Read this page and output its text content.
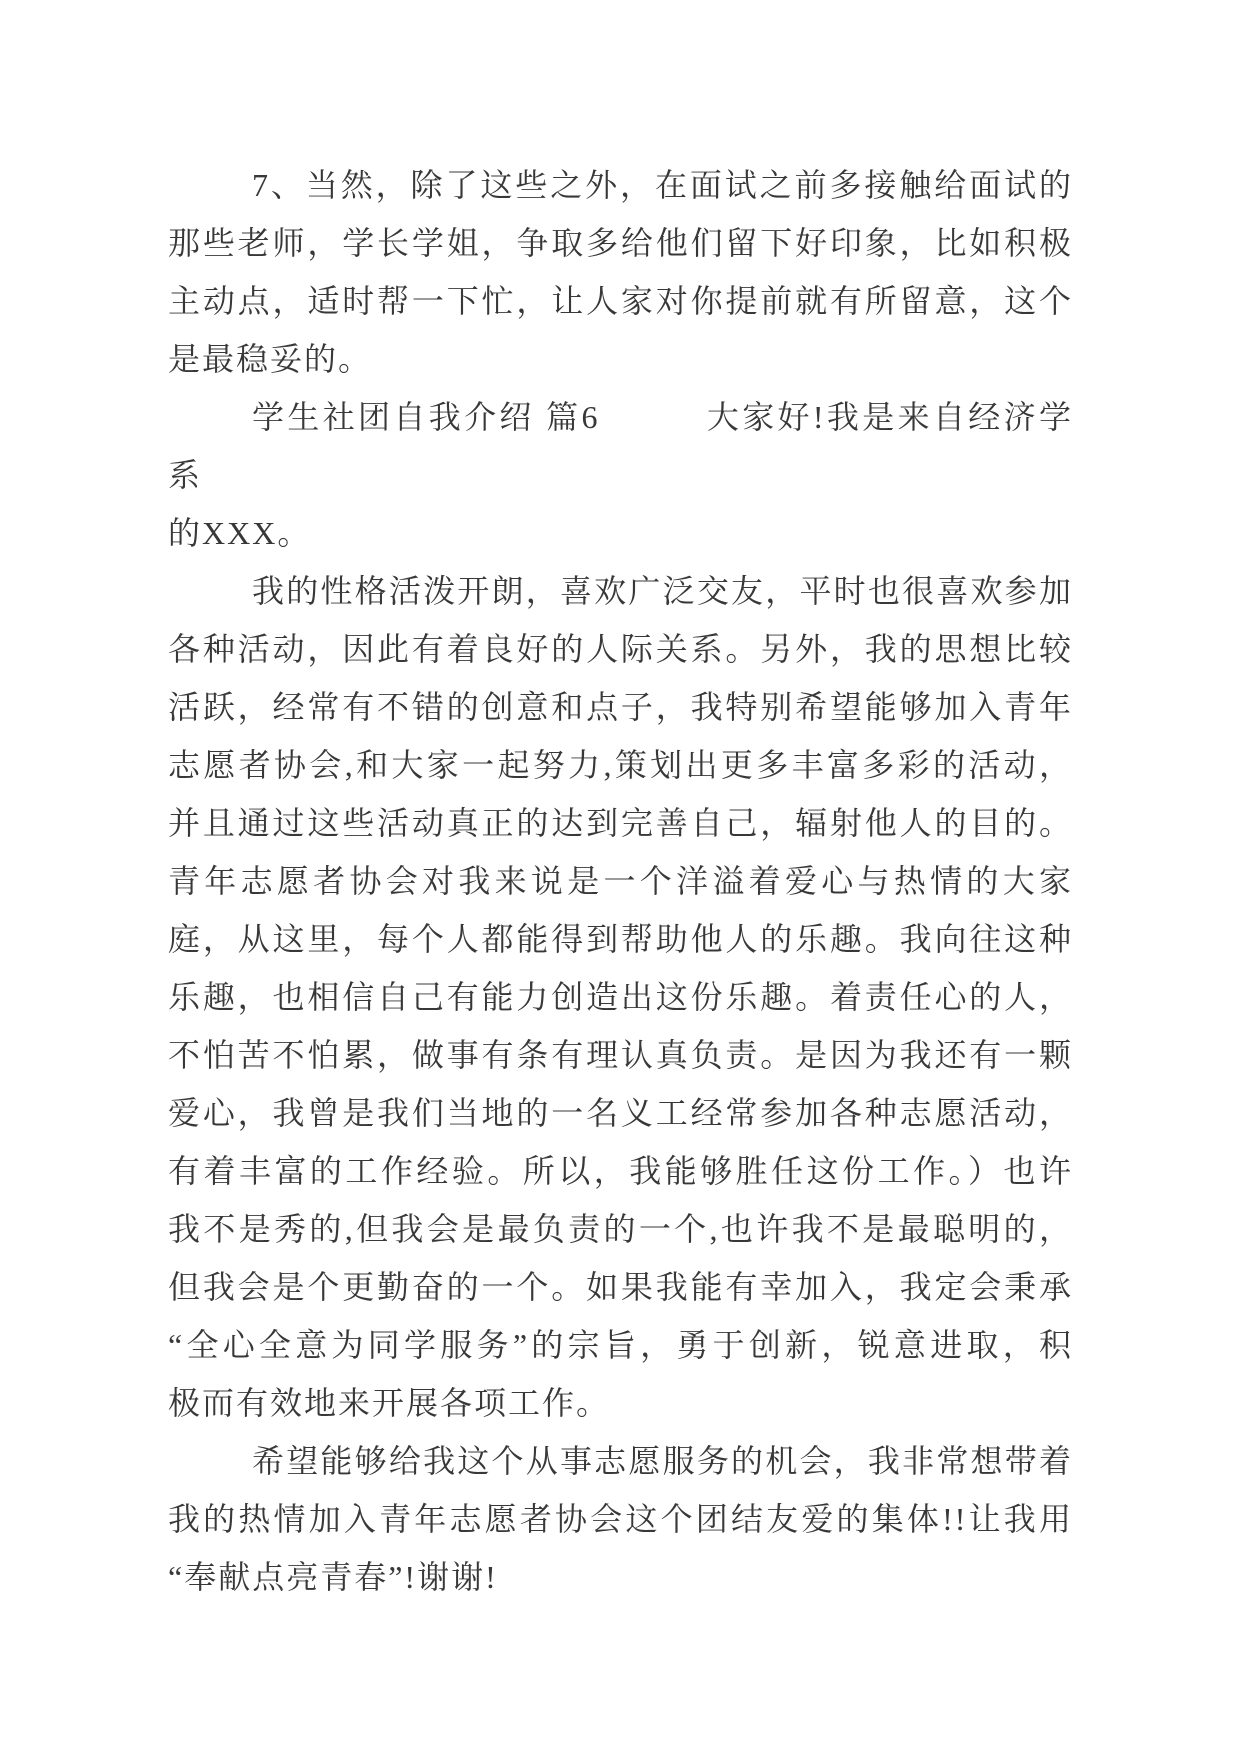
7、当然，除了这些之外，在面试之前多接触给面试的
那些老师，学长学姐，争取多给他们留下好印象，比如积极
主动点，适时帮一下忙，让人家对你提前就有所留意，这个
是最稳妥的。
学生社团自我介绍 篇6　　　大家好!我是来自经济学系
的XXX。
我的性格活泼开朗，喜欢广泛交友，平时也很喜欢参加
各种活动，因此有着良好的人际关系。另外，我的思想比较
活跃，经常有不错的创意和点子，我特别希望能够加入青年
志愿者协会,和大家一起努力,策划出更多丰富多彩的活动，
并且通过这些活动真正的达到完善自己，辐射他人的目的。
青年志愿者协会对我来说是一个洋溢着爱心与热情的大家
庭，从这里，每个人都能得到帮助他人的乐趣。我向往这种
乐趣，也相信自己有能力创造出这份乐趣。着责任心的人，
不怕苦不怕累，做事有条有理认真负责。是因为我还有一颗
爱心，我曾是我们当地的一名义工经常参加各种志愿活动，
有着丰富的工作经验。所以，我能够胜任这份工作。）也许
我不是秀的,但我会是最负责的一个,也许我不是最聪明的，
但我会是个更勤奋的一个。如果我能有幸加入，我定会秉承
“全心全意为同学服务”的宗旨，勇于创新，锐意进取，积
极而有效地来开展各项工作。
希望能够给我这个从事志愿服务的机会，我非常想带着
我的热情加入青年志愿者协会这个团结友爱的集体!!让我用
“奉献点亮青春”!谢谢!
